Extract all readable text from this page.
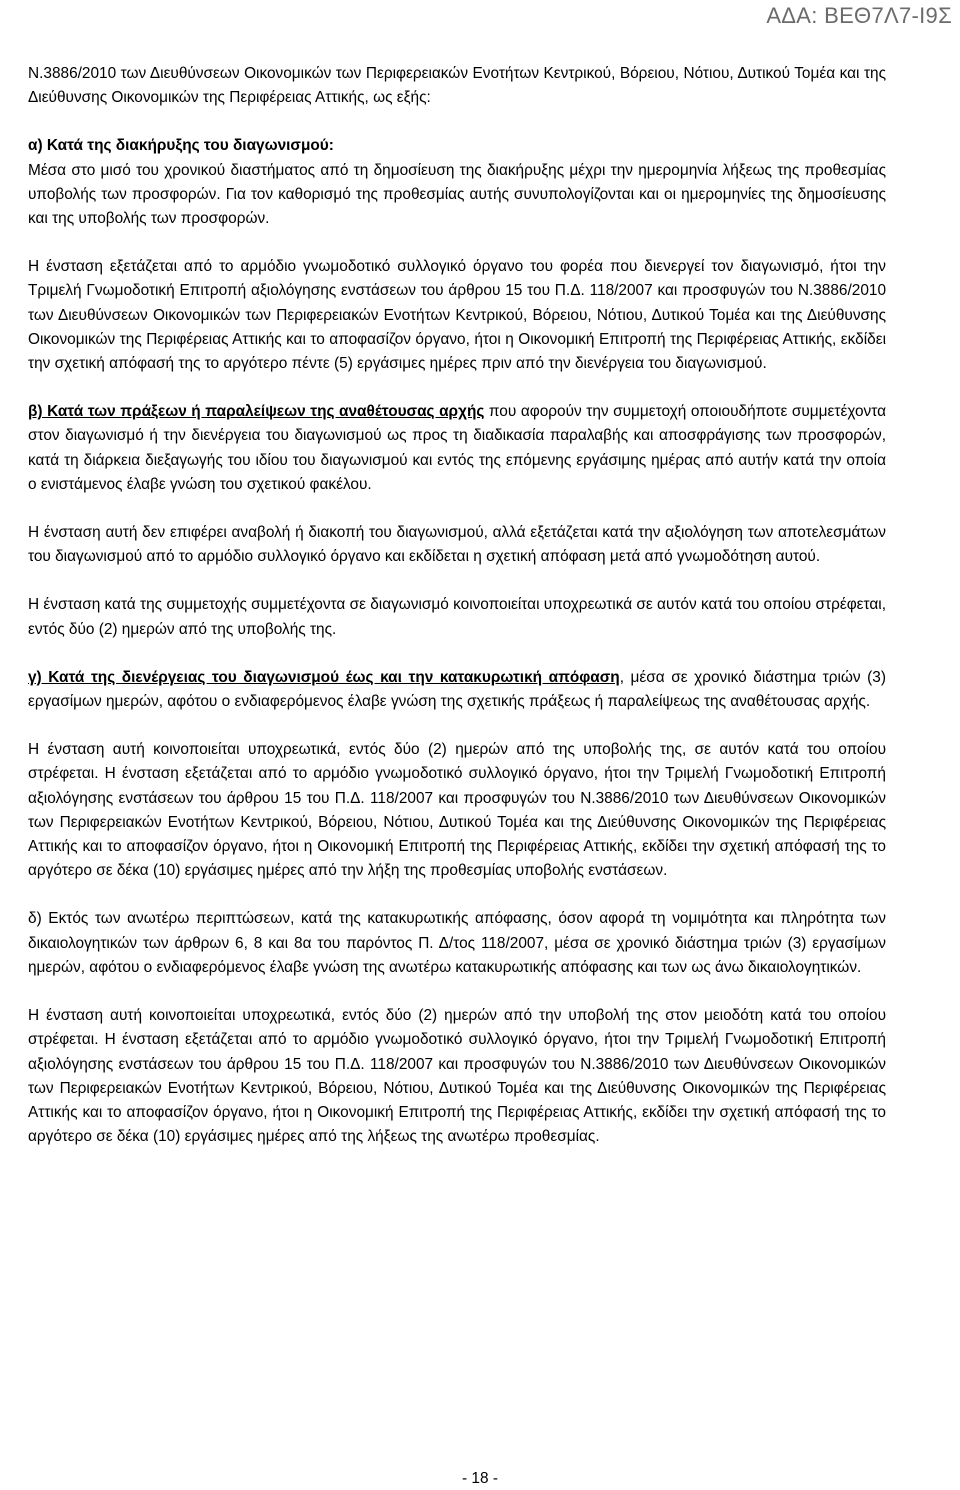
ΑΔΑ: ΒΕΘ7Λ7-Ι9Σ

Ν.3886/2010 των Διευθύνσεων Οικονομικών των Περιφερειακών Ενοτήτων Κεντρικού, Βόρειου, Νότιου, Δυτικού Τομέα και της Διεύθυνσης Οικονομικών της Περιφέρειας Αττικής, ως εξής:

α) Κατά της διακήρυξης του διαγωνισμού:

Μέσα στο μισό του χρονικού διαστήματος από τη δημοσίευση της διακήρυξης μέχρι την ημερομηνία λήξεως της προθεσμίας υποβολής των προσφορών. Για τον καθορισμό της προθεσμίας αυτής συνυπολογίζονται και οι ημερομηνίες της δημοσίευσης και της υποβολής των προσφορών.

Η ένσταση εξετάζεται από το αρμόδιο γνωμοδοτικό συλλογικό όργανο του φορέα που διενεργεί τον διαγωνισμό, ήτοι την Τριμελή Γνωμοδοτική Επιτροπή αξιολόγησης ενστάσεων του άρθρου 15 του Π.Δ. 118/2007 και προσφυγών του Ν.3886/2010 των Διευθύνσεων Οικονομικών των Περιφερειακών Ενοτήτων Κεντρικού, Βόρειου, Νότιου, Δυτικού Τομέα και της Διεύθυνσης Οικονομικών της Περιφέρειας Αττικής και το αποφασίζον όργανο, ήτοι η Οικονομική Επιτροπή της Περιφέρειας Αττικής, εκδίδει την σχετική απόφασή της το αργότερο πέντε (5) εργάσιμες ημέρες πριν από την διενέργεια του διαγωνισμού.

β) Κατά των πράξεων ή παραλείψεων της αναθέτουσας αρχής που αφορούν την συμμετοχή οποιουδήποτε συμμετέχοντα στον διαγωνισμό ή την διενέργεια του διαγωνισμού ως προς τη διαδικασία παραλαβής και αποσφράγισης των προσφορών, κατά τη διάρκεια διεξαγωγής του ιδίου του διαγωνισμού και εντός της επόμενης εργάσιμης ημέρας από αυτήν κατά την οποία ο ενιστάμενος έλαβε γνώση του σχετικού φακέλου.

Η ένσταση αυτή δεν επιφέρει αναβολή ή διακοπή του διαγωνισμού, αλλά εξετάζεται κατά την αξιολόγηση των αποτελεσμάτων του διαγωνισμού από το αρμόδιο συλλογικό όργανο και εκδίδεται η σχετική απόφαση μετά από γνωμοδότηση αυτού.

Η ένσταση κατά της συμμετοχής συμμετέχοντα σε διαγωνισμό κοινοποιείται υποχρεωτικά σε αυτόν κατά του οποίου στρέφεται, εντός δύο (2) ημερών από της υποβολής της.

γ) Κατά της διενέργειας του διαγωνισμού έως και την κατακυρωτική απόφαση, μέσα σε χρονικό διάστημα τριών (3) εργασίμων ημερών, αφότου ο ενδιαφερόμενος έλαβε γνώση της σχετικής πράξεως ή παραλείψεως της αναθέτουσας αρχής.

Η ένσταση αυτή κοινοποιείται υποχρεωτικά, εντός δύο (2) ημερών από της υποβολής της, σε αυτόν κατά του οποίου στρέφεται. Η ένσταση εξετάζεται από το αρμόδιο γνωμοδοτικό συλλογικό όργανο, ήτοι την Τριμελή Γνωμοδοτική Επιτροπή αξιολόγησης ενστάσεων του άρθρου 15 του Π.Δ. 118/2007 και προσφυγών του Ν.3886/2010 των Διευθύνσεων Οικονομικών των Περιφερειακών Ενοτήτων Κεντρικού, Βόρειου, Νότιου, Δυτικού Τομέα και της Διεύθυνσης Οικονομικών της Περιφέρειας Αττικής και το αποφασίζον όργανο, ήτοι η Οικονομική Επιτροπή της Περιφέρειας Αττικής, εκδίδει την σχετική απόφασή της το αργότερο σε δέκα (10) εργάσιμες ημέρες από την λήξη της προθεσμίας υποβολής ενστάσεων.

δ) Εκτός των ανωτέρω περιπτώσεων, κατά της κατακυρωτικής απόφασης, όσον αφορά τη νομιμότητα και πληρότητα των δικαιολογητικών των άρθρων 6, 8 και 8α του παρόντος Π. Δ/τος 118/2007, μέσα σε χρονικό διάστημα τριών (3) εργασίμων ημερών, αφότου ο ενδιαφερόμενος έλαβε γνώση της ανωτέρω κατακυρωτικής απόφασης και των ως άνω δικαιολογητικών.

Η ένσταση αυτή κοινοποιείται υποχρεωτικά, εντός δύο (2) ημερών από την υποβολή της στον μειοδότη κατά του οποίου στρέφεται. Η ένσταση εξετάζεται από το αρμόδιο γνωμοδοτικό συλλογικό όργανο, ήτοι την Τριμελή Γνωμοδοτική Επιτροπή αξιολόγησης ενστάσεων του άρθρου 15 του Π.Δ. 118/2007 και προσφυγών του Ν.3886/2010 των Διευθύνσεων Οικονομικών των Περιφερειακών Ενοτήτων Κεντρικού, Βόρειου, Νότιου, Δυτικού Τομέα και της Διεύθυνσης Οικονομικών της Περιφέρειας Αττικής και το αποφασίζον όργανο, ήτοι η Οικονομική Επιτροπή της Περιφέρειας Αττικής, εκδίδει την σχετική απόφασή της το αργότερο σε δέκα (10) εργάσιμες ημέρες από της λήξεως της ανωτέρω προθεσμίας.

- 18 -
